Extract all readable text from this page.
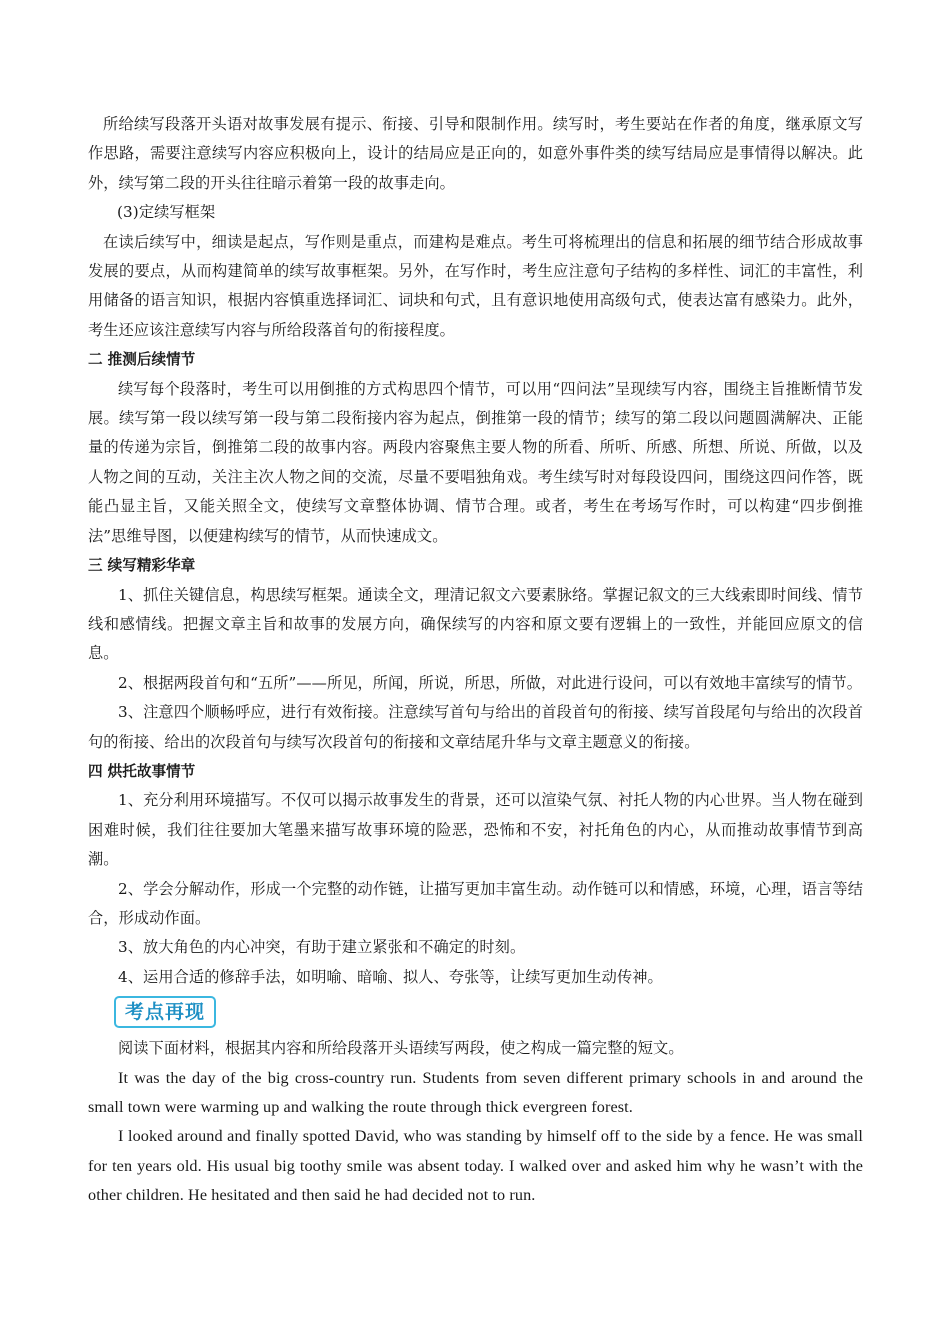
所给续写段落开头语对故事发展有提示、衔接、引导和限制作用。续写时，考生要站在作者的角度，继承原文写作思路，需要注意续写内容应积极向上，设计的结局应是正向的，如意外事件类的续写结局应是事情得以解决。此外，续写第二段的开头往往暗示着第一段的故事走向。

(3)定续写框架

在读后续写中，细读是起点，写作则是重点，而建构是难点。考生可将梳理出的信息和拓展的细节结合形成故事发展的要点，从而构建简单的续写故事框架。另外，在写作时，考生应注意句子结构的多样性、词汇的丰富性，利用储备的语言知识，根据内容慎重选择词汇、词块和句式，且有意识地使用高级句式，使表达富有感染力。此外，考生还应该注意续写内容与所给段落首句的衔接程度。

二 推测后续情节

续写每个段落时，考生可以用倒推的方式构思四个情节，可以用“四问法”呈现续写内容，围绕主旨推断情节发展。续写第一段以续写第一段与第二段衔接内容为起点，倒推第一段的情节；续写的第二段以问题圆满解决、正能量的传递为宗旨，倒推第二段的故事内容。两段内容聚焦主要人物的所看、所听、所感、所想、所说、所做，以及人物之间的互动，关注主次人物之间的交流，尽量不要唱独角戏。考生续写时对每段设四问，围绕这四问作答，既能凸显主旨，又能关照全文，使续写文章整体协调、情节合理。或者，考生在考场写作时，可以构建“四步倒推法”思维导图，以便建构续写的情节，从而快速成文。

三 续写精彩华章

1、抓住关键信息，构思续写框架。通读全文，理清记叙文六要素脉络。掌握记叙文的三大线索即时间线、情节线和感情线。把握文章主旨和故事的发展方向，确保续写的内容和原文要有逻辑上的一致性，并能回应原文的信息。

2、根据两段首句和“五所”——所见，所闻，所说，所思，所做，对此进行设问，可以有效地丰富续写的情节。

3、注意四个顺畅呼应，进行有效衔接。注意续写首句与给出的首段首句的衔接、续写首段尾句与给出的次段首句的衔接、给出的次段首句与续写次段首句的衔接和文章结尾升华与文章主题意义的衔接。

四 烘托故事情节

1、充分利用环境描写。不仅可以揭示故事发生的背景，还可以渲染气氛、衬托人物的内心世界。当人物在碰到困难时候，我们往往要加大笔墨来描写故事环境的险恶，恐怖和不安，衬托角色的内心，从而推动故事情节到高潮。

2、学会分解动作，形成一个完整的动作链，让描写更加丰富生动。动作链可以和情感，环境，心理，语言等结合，形成动作面。

3、放大角色的内心冲突，有助于建立紧张和不确定的时刻。

4、运用合适的修辞手法，如明喻、暗喻、拟人、夸张等，让续写更加生动传神。

考点再现

阅读下面材料，根据其内容和所给段落开头语续写两段，使之构成一篇完整的短文。

It was the day of the big cross-country run. Students from seven different primary schools in and around the small town were warming up and walking the route through thick evergreen forest.

I looked around and finally spotted David, who was standing by himself off to the side by a fence. He was small for ten years old. His usual big toothy smile was absent today. I walked over and asked him why he wasn’t with the other children. He hesitated and then said he had decided not to run.
